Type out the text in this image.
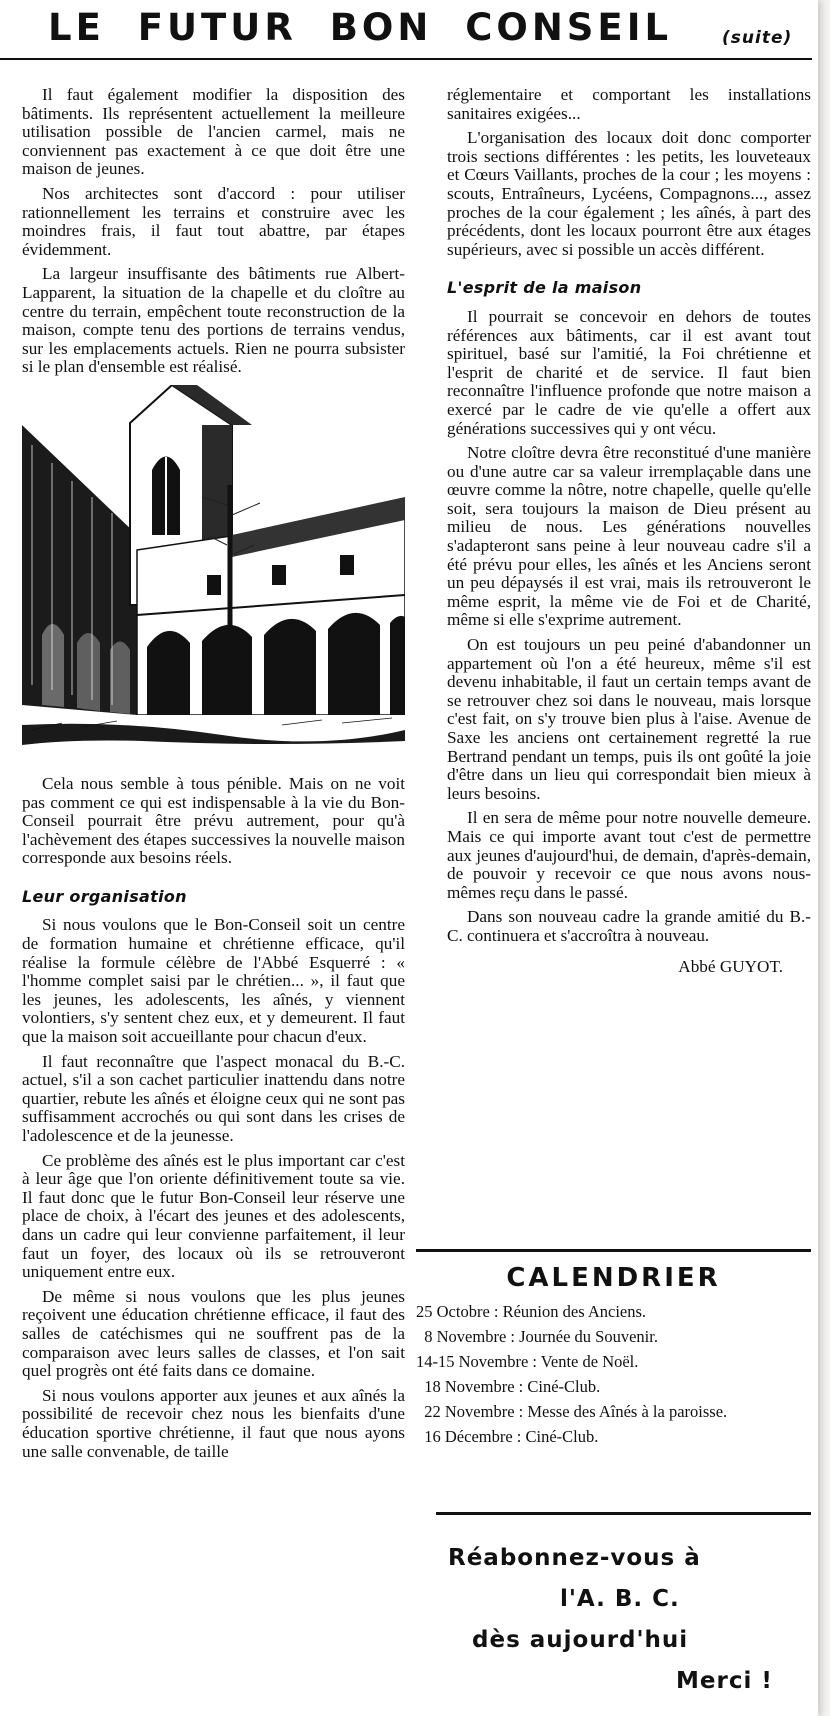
LE FUTUR BON CONSEIL	(suite)

Il faut également modifier la disposition des bâtiments. Ils représentent actuellement la meilleure utilisation possible de l'ancien carmel, mais ne conviennent pas exactement à ce que doit être une maison de jeunes.

Nos architectes sont d'accord : pour utiliser rationnellement les terrains et construire avec les moindres frais, il faut tout abattre, par étapes évidemment.

La largeur insuffisante des bâtiments rue Albert-Lapparent, la situation de la chapelle et du cloître au centre du terrain, empêchent toute reconstruction de la maison, compte tenu des portions de terrains vendus, sur les emplacements actuels. Rien ne pourra subsister si le plan d'ensemble est réalisé.

Cela nous semble à tous pénible. Mais on ne voit pas comment ce qui est indispensable à la vie du Bon-Conseil pourrait être prévu autrement, pour qu'à l'achèvement des étapes successives la nouvelle maison corresponde aux besoins réels.

Leur organisation

Si nous voulons que le Bon-Conseil soit un centre de formation humaine et chrétienne efficace, qu'il réalise la formule célèbre de l'Abbé Esquerré : « l'homme complet saisi par le chrétien... », il faut que les jeunes, les adolescents, les aînés, y viennent volontiers, s'y sentent chez eux, et y demeurent. Il faut que la maison soit accueillante pour chacun d'eux.

Il faut reconnaître que l'aspect monacal du B.-C. actuel, s'il a son cachet particulier inattendu dans notre quartier, rebute les aînés et éloigne ceux qui ne sont pas suffisamment accrochés ou qui sont dans les crises de l'adolescence et de la jeunesse.

Ce problème des aînés est le plus important car c'est à leur âge que l'on oriente définitivement toute sa vie. Il faut donc que le futur Bon-Conseil leur réserve une place de choix, à l'écart des jeunes et des adolescents, dans un cadre qui leur convienne parfaitement, il leur faut un foyer, des locaux où ils se retrouveront uniquement entre eux.

De même si nous voulons que les plus jeunes reçoivent une éducation chrétienne efficace, il faut des salles de catéchismes qui ne souffrent pas de la comparaison avec leurs salles de classes, et l'on sait quel progrès ont été faits dans ce domaine.

Si nous voulons apporter aux jeunes et aux aînés la possibilité de recevoir chez nous les bienfaits d'une éducation sportive chrétienne, il faut que nous ayons une salle convenable, de taille

réglementaire et comportant les installations sanitaires exigées...

L'organisation des locaux doit donc comporter trois sections différentes : les petits, les louveteaux et Cœurs Vaillants, proches de la cour ; les moyens : scouts, Entraîneurs, Lycéens, Compagnons..., assez proches de la cour également ; les aînés, à part des précédents, dont les locaux pourront être aux étages supérieurs, avec si possible un accès différent.

L'esprit de la maison

Il pourrait se concevoir en dehors de toutes références aux bâtiments, car il est avant tout spirituel, basé sur l'amitié, la Foi chrétienne et l'esprit de charité et de service. Il faut bien reconnaître l'influence profonde que notre maison a exercé par le cadre de vie qu'elle a offert aux générations successives qui y ont vécu.

Notre cloître devra être reconstitué d'une manière ou d'une autre car sa valeur irremplaçable dans une œuvre comme la nôtre, notre chapelle, quelle qu'elle soit, sera toujours la maison de Dieu présent au milieu de nous. Les générations nouvelles s'adapteront sans peine à leur nouveau cadre s'il a été prévu pour elles, les aînés et les Anciens seront un peu dépaysés il est vrai, mais ils retrouveront le même esprit, la même vie de Foi et de Charité, même si elle s'exprime autrement.

On est toujours un peu peiné d'abandonner un appartement où l'on a été heureux, même s'il est devenu inhabitable, il faut un certain temps avant de se retrouver chez soi dans le nouveau, mais lorsque c'est fait, on s'y trouve bien plus à l'aise. Avenue de Saxe les anciens ont certainement regretté la rue Bertrand pendant un temps, puis ils ont goûté la joie d'être dans un lieu qui correspondait bien mieux à leurs besoins.

Il en sera de même pour notre nouvelle demeure. Mais ce qui importe avant tout c'est de permettre aux jeunes d'aujourd'hui, de demain, d'après-demain, de pouvoir y recevoir ce que nous avons nous-mêmes reçu dans le passé.

Dans son nouveau cadre la grande amitié du B.-C. continuera et s'accroîtra à nouveau.

Abbé GUYOT.
CALENDRIER

25 Octobre : Réunion des Anciens.

8 Novembre : Journée du Souvenir.

14-15 Novembre : Vente de Noël.

18 Novembre : Ciné-Club.

22 Novembre : Messe des Aînés à la paroisse.

16 Décembre : Ciné-Club.

Réabonnez-vous à

l'A. B. C.

dès aujourd'hui

Merci !
